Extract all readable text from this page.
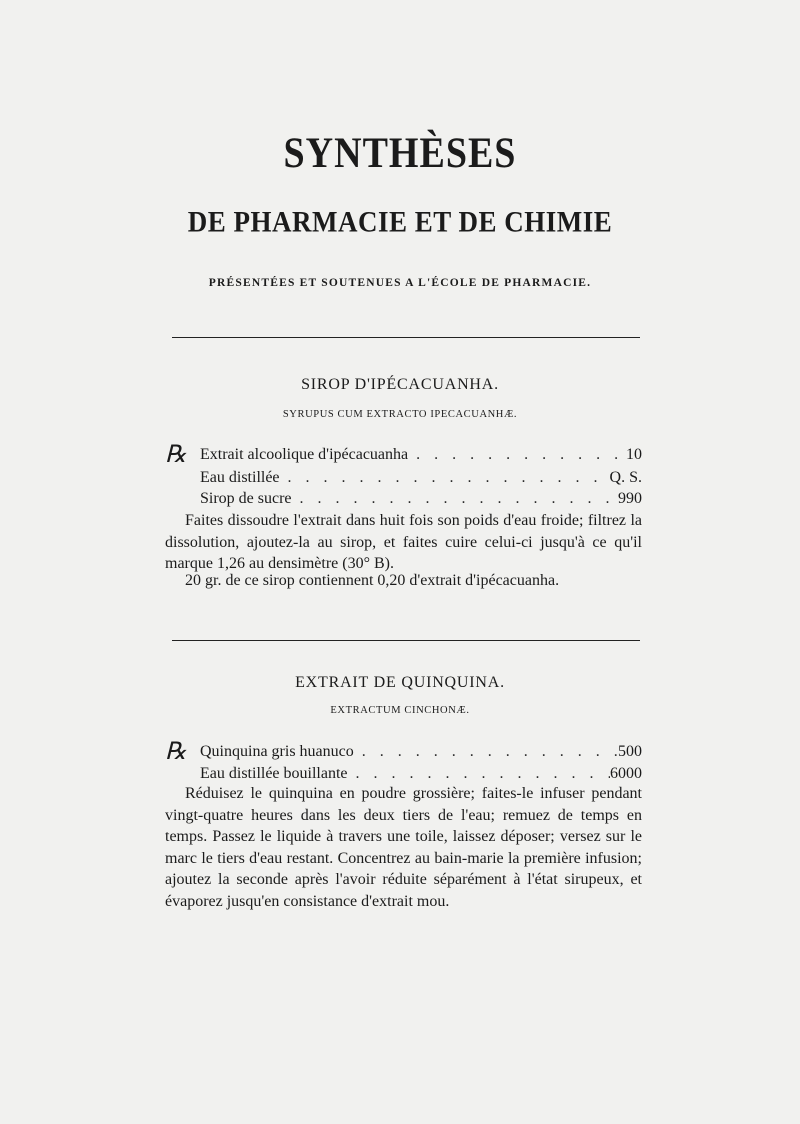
SYNTHÈSES
DE PHARMACIE ET DE CHIMIE
PRÉSENTÉES ET SOUTENUES A L'ÉCOLE DE PHARMACIE.
SIROP D'IPÉCACUANHA.
SYRUPUS CUM EXTRACTO IPECACUANHÆ.
℞ Extrait alcoolique d'ipécacuanha . . .	10
Eau distillée . . .	Q. S.
Sirop de sucre . . .	990
Faites dissoudre l'extrait dans huit fois son poids d'eau froide; filtrez la dissolution, ajoutez-la au sirop, et faites cuire celui-ci jusqu'à ce qu'il marque 1,26 au densimètre (30° B).
20 gr. de ce sirop contiennent 0,20 d'extrait d'ipécacuanha.
EXTRAIT DE QUINQUINA.
EXTRACTUM CINCHONÆ.
℞ Quinquina gris huanuco . . .	500
Eau distillée bouillante . . .	6000
Réduisez le quinquina en poudre grossière; faites-le infuser pendant vingt-quatre heures dans les deux tiers de l'eau; remuez de temps en temps. Passez le liquide à travers une toile, laissez déposer; versez sur le marc le tiers d'eau restant. Concentrez au bain-marie la première infusion; ajoutez la seconde après l'avoir réduite séparément à l'état sirupeux, et évaporez jusqu'en consistance d'extrait mou.
